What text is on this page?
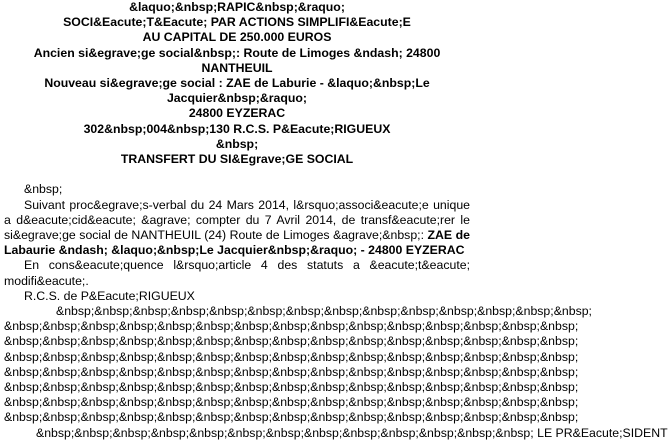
&laquo;&nbsp;RAPIC&nbsp;&raquo;
SOCI&Eacute;T&Eacute; PAR ACTIONS SIMPLIFI&Eacute;E
AU CAPITAL DE 250.000 EUROS
Ancien si&egrave;ge social&nbsp;: Route de Limoges &ndash; 24800
NANTHEUIL
Nouveau si&egrave;ge social : ZAE de Laburie - &laquo;&nbsp;Le
Jacquier&nbsp;&raquo;
24800 EYZERAC
302&nbsp;004&nbsp;130 R.C.S. P&Eacute;RIGUEUX
&nbsp;
TRANSFERT DU SI&Egrave;GE SOCIAL
&nbsp;
Suivant proc&egrave;s-verbal du 24 Mars 2014, l&rsquo;associ&eacute;e unique a d&eacute;cid&eacute; &agrave; compter du 7 Avril 2014, de transf&eacute;rer le si&egrave;ge social de NANTHEUIL (24) Route de Limoges &agrave;&nbsp;: ZAE de Labaurie &ndash; &laquo;&nbsp;Le Jacquier&nbsp;&raquo; - 24800 EYZERAC
En cons&eacute;quence l&rsquo;article 4 des statuts a &eacute;t&eacute; modifi&eacute;.
R.C.S. de P&Eacute;RIGUEUX
&nbsp;&nbsp;&nbsp;&nbsp;&nbsp;&nbsp;&nbsp;&nbsp;&nbsp;&nbsp;&nbsp;&nbsp;&nbsp;&nbsp;
&nbsp;&nbsp;&nbsp;&nbsp;&nbsp;&nbsp;&nbsp;&nbsp;&nbsp;&nbsp;&nbsp;&nbsp;&nbsp;&nbsp;&nbsp;
&nbsp;&nbsp;&nbsp;&nbsp;&nbsp;&nbsp;&nbsp;&nbsp;&nbsp;&nbsp;&nbsp;&nbsp;&nbsp;&nbsp;&nbsp;
&nbsp;&nbsp;&nbsp;&nbsp;&nbsp;&nbsp;&nbsp;&nbsp;&nbsp;&nbsp;&nbsp;&nbsp;&nbsp;&nbsp;&nbsp;
&nbsp;&nbsp;&nbsp;&nbsp;&nbsp;&nbsp;&nbsp;&nbsp;&nbsp;&nbsp;&nbsp;&nbsp;&nbsp;&nbsp;&nbsp;
&nbsp;&nbsp;&nbsp;&nbsp;&nbsp;&nbsp;&nbsp;&nbsp;&nbsp;&nbsp;&nbsp;&nbsp;&nbsp;&nbsp;&nbsp;
&nbsp;&nbsp;&nbsp;&nbsp;&nbsp;&nbsp;&nbsp;&nbsp;&nbsp;&nbsp;&nbsp;&nbsp;&nbsp;&nbsp;&nbsp;
&nbsp;&nbsp;&nbsp;&nbsp;&nbsp;&nbsp;&nbsp;&nbsp;&nbsp;&nbsp;&nbsp;&nbsp;&nbsp;&nbsp;&nbsp;
&nbsp;&nbsp;&nbsp;&nbsp;&nbsp;&nbsp;&nbsp;&nbsp;&nbsp;&nbsp;&nbsp;&nbsp;&nbsp; LE PR&Eacute;SIDENT
